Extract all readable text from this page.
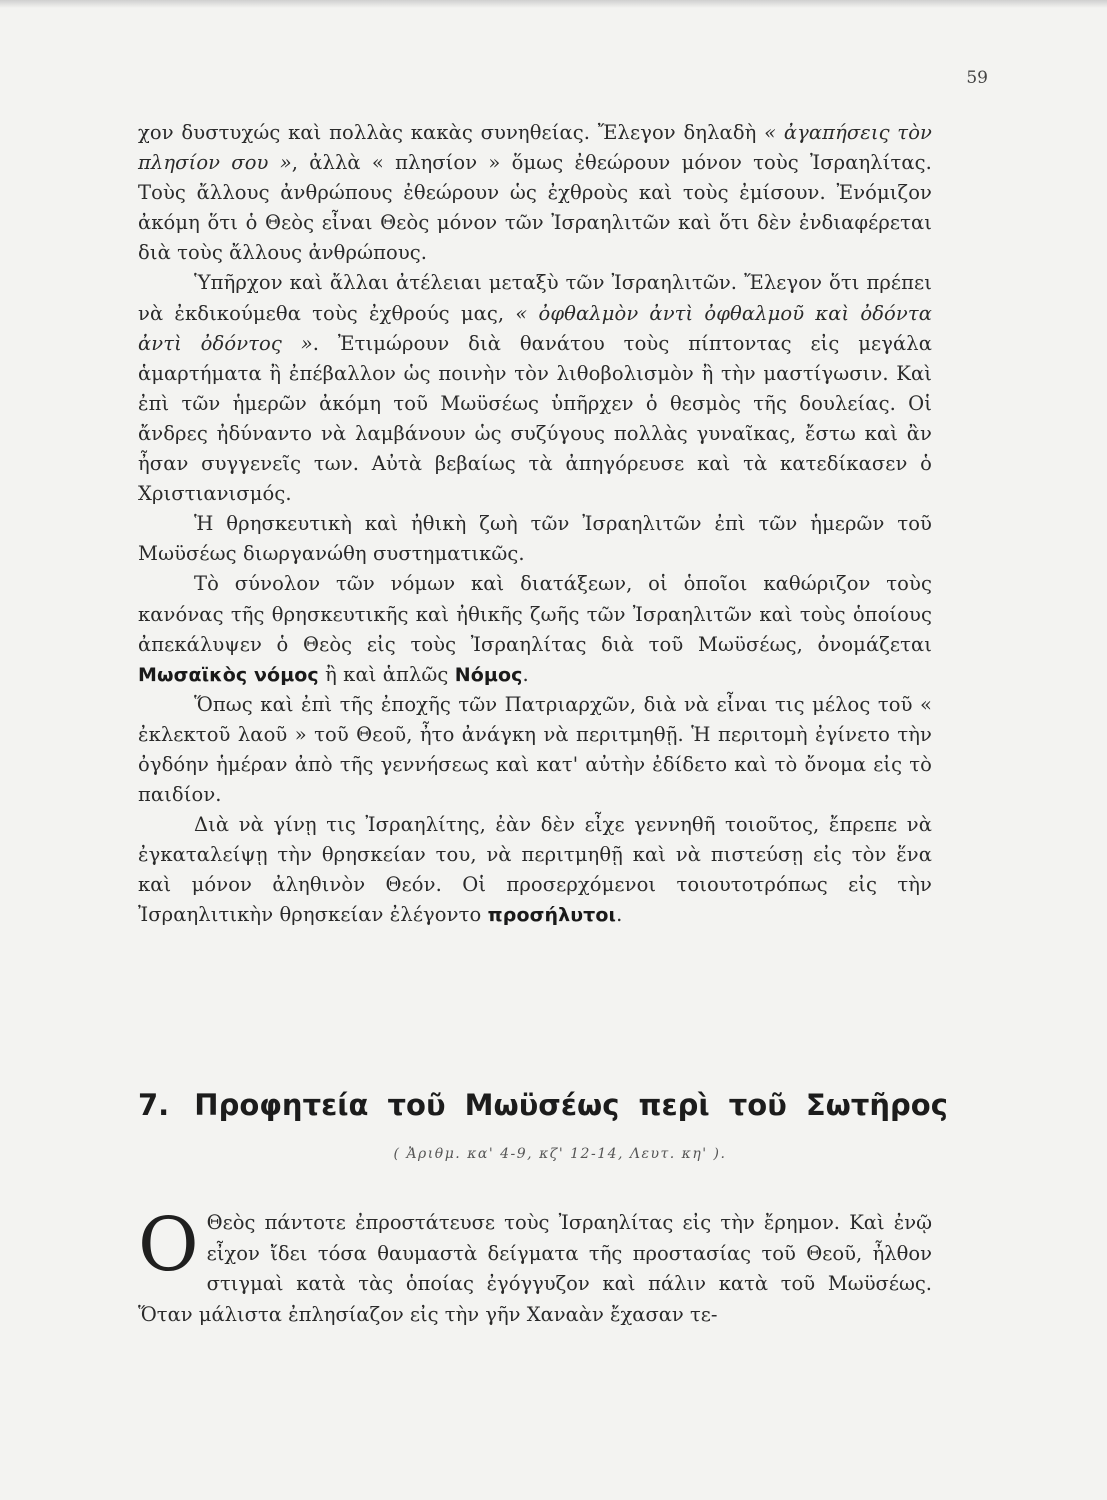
59

χον δυστυχώς καὶ πολλὰς κακὰς συνηθείας. Ἔλεγον δηλαδὴ « ἀγαπήσεις τὸν πλησίον σου », ἀλλὰ « πλησίον » ὅμως ἐθεώρουν μόνον τοὺς Ἰσραηλίτας. Τοὺς ἄλλους ἀνθρώπους ἐθεώρουν ὡς ἐχθροὺς καὶ τοὺς ἐμίσουν. Ἐνόμιζον ἀκόμη ὅτι ὁ Θεὸς εἶναι Θεὸς μόνον τῶν Ἰσραηλιτῶν καὶ ὅτι δὲν ἐνδιαφέρεται διὰ τοὺς ἄλλους ἀνθρώπους.

Ὑπῆρχον καὶ ἄλλαι ἀτέλειαι μεταξὺ τῶν Ἰσραηλιτῶν. Ἔλεγον ὅτι πρέπει νὰ ἐκδικούμεθα τοὺς ἐχθρούς μας, « ὀφθαλμὸν ἀντὶ ὀφθαλμοῦ καὶ ὀδόντα ἀντὶ ὀδόντος ». Ἐτιμώρουν διὰ θανάτου τοὺς πίπτοντας εἰς μεγάλα ἁμαρτήματα ἢ ἐπέβαλλον ὡς ποινὴν τὸν λιθοβολισμὸν ἢ τὴν μαστίγωσιν. Καὶ ἐπὶ τῶν ἡμερῶν ἀκόμη τοῦ Μωϋσέως ὑπῆρχεν ὁ θεσμὸς τῆς δουλείας. Οἱ ἄνδρες ἠδύναντο νὰ λαμβάνουν ὡς συζύγους πολλὰς γυναῖκας, ἔστω καὶ ἂν ἦσαν συγγενεῖς των. Αὐτὰ βεβαίως τὰ ἀπηγόρευσε καὶ τὰ κατεδίκασεν ὁ Χριστιανισμός.

Ἡ θρησκευτικὴ καὶ ἠθικὴ ζωὴ τῶν Ἰσραηλιτῶν ἐπὶ τῶν ἡμερῶν τοῦ Μωϋσέως διωργανώθη συστηματικῶς.

Τὸ σύνολον τῶν νόμων καὶ διατάξεων, οἱ ὁποῖοι καθώριζον τοὺς κανόνας τῆς θρησκευτικῆς καὶ ἠθικῆς ζωῆς τῶν Ἰσραηλιτῶν καὶ τοὺς ὁποίους ἀπεκάλυψεν ὁ Θεὸς εἰς τοὺς Ἰσραηλίτας διὰ τοῦ Μωϋσέως, ὀνομάζεται Μωσαϊκὸς νόμος ἢ καὶ ἁπλῶς Νόμος.

Ὅπως καὶ ἐπὶ τῆς ἐποχῆς τῶν Πατριαρχῶν, διὰ νὰ εἶναι τις μέλος τοῦ « ἐκλεκτοῦ λαοῦ » τοῦ Θεοῦ, ἦτο ἀνάγκη νὰ περιτμηθῇ. Ἡ περιτομὴ ἐγίνετο τὴν ὀγδόην ἡμέραν ἀπὸ τῆς γεννήσεως καὶ κατ' αὐτὴν ἐδίδετο καὶ τὸ ὄνομα εἰς τὸ παιδίον.

Διὰ νὰ γίνῃ τις Ἰσραηλίτης, ἐὰν δὲν εἶχε γεννηθῆ τοιοῦτος, ἔπρεπε νὰ ἐγκαταλείψῃ τὴν θρησκείαν του, νὰ περιτμηθῇ καὶ νὰ πιστεύσῃ εἰς τὸν ἕνα καὶ μόνον ἀληθινὸν Θεόν. Οἱ προσερχόμενοι τοιουτοτρόπως εἰς τὴν Ἰσραηλιτικὴν θρησκείαν ἐλέγοντο προσήλυτοι.

7. Προφητεία τοῦ Μωϋσέως περὶ τοῦ Σωτῆρος
( Ἀριθμ. κα' 4-9, κζ' 12-14, Λευτ. κη' ).

Ο Θεὸς πάντοτε ἐπροστάτευσε τοὺς Ἰσραηλίτας εἰς τὴν ἔρημον. Καὶ ἐνῷ εἶχον ἴδει τόσα θαυμαστὰ δείγματα τῆς προστασίας τοῦ Θεοῦ, ἦλθον στιγμαὶ κατὰ τὰς ὁποίας ἐγόγγυζον καὶ πάλιν κατὰ τοῦ Μωϋσέως. Ὅταν μάλιστα ἐπλησίαζον εἰς τὴν γῆν Χαναὰν ἔχασαν τε-
